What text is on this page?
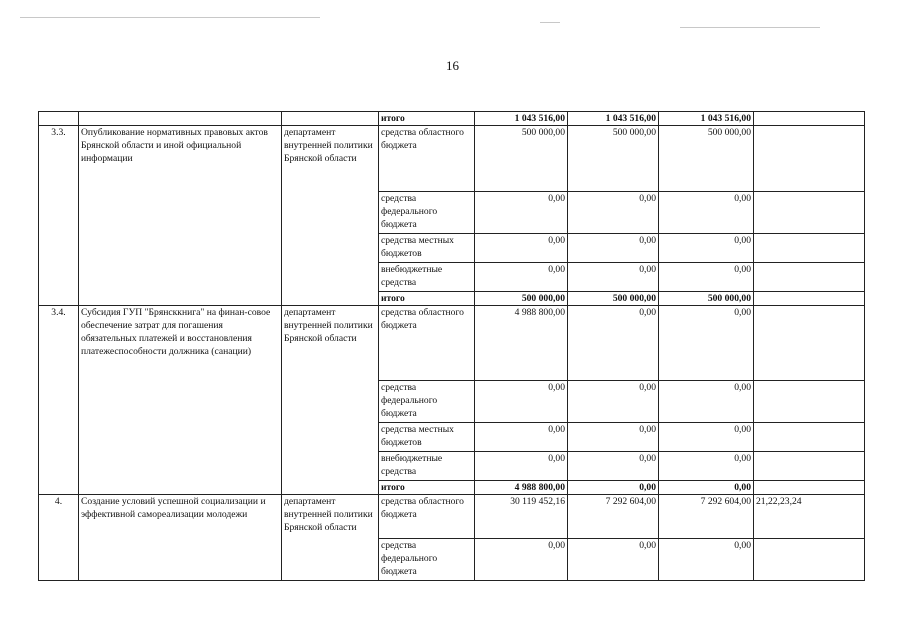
16
			итого	1 043 516,00	1 043 516,00	1 043 516,00	
3.3.	Опубликование нормативных правовых актов Брянской области и иной официальной информации	департамент внутренней политики Брянской области	средства областного бюджета	500 000,00	500 000,00	500 000,00	
			средства федерального бюджета	0,00	0,00	0,00	
			средства местных бюджетов	0,00	0,00	0,00	
			внебюджетные средства	0,00	0,00	0,00	
			итого	500 000,00	500 000,00	500 000,00	
3.4.	Субсидия ГУП "Брянсккнига" на финан-совое обеспечение затрат для погашения обязательных платежей и восстановления платежеспособности должника (санации)	департамент внутренней политики Брянской области	средства областного бюджета	4 988 800,00	0,00	0,00	
			средства федерального бюджета	0,00	0,00	0,00	
			средства местных бюджетов	0,00	0,00	0,00	
			внебюджетные средства	0,00	0,00	0,00	
			итого	4 988 800,00	0,00	0,00	
4.	Создание условий успешной социализации и эффективной самореализации молодежи	департамент внутренней политики Брянской области	средства областного бюджета	30 119 452,16	7 292 604,00	7 292 604,00	21,22,23,24
			средства федерального бюджета	0,00	0,00	0,00	
